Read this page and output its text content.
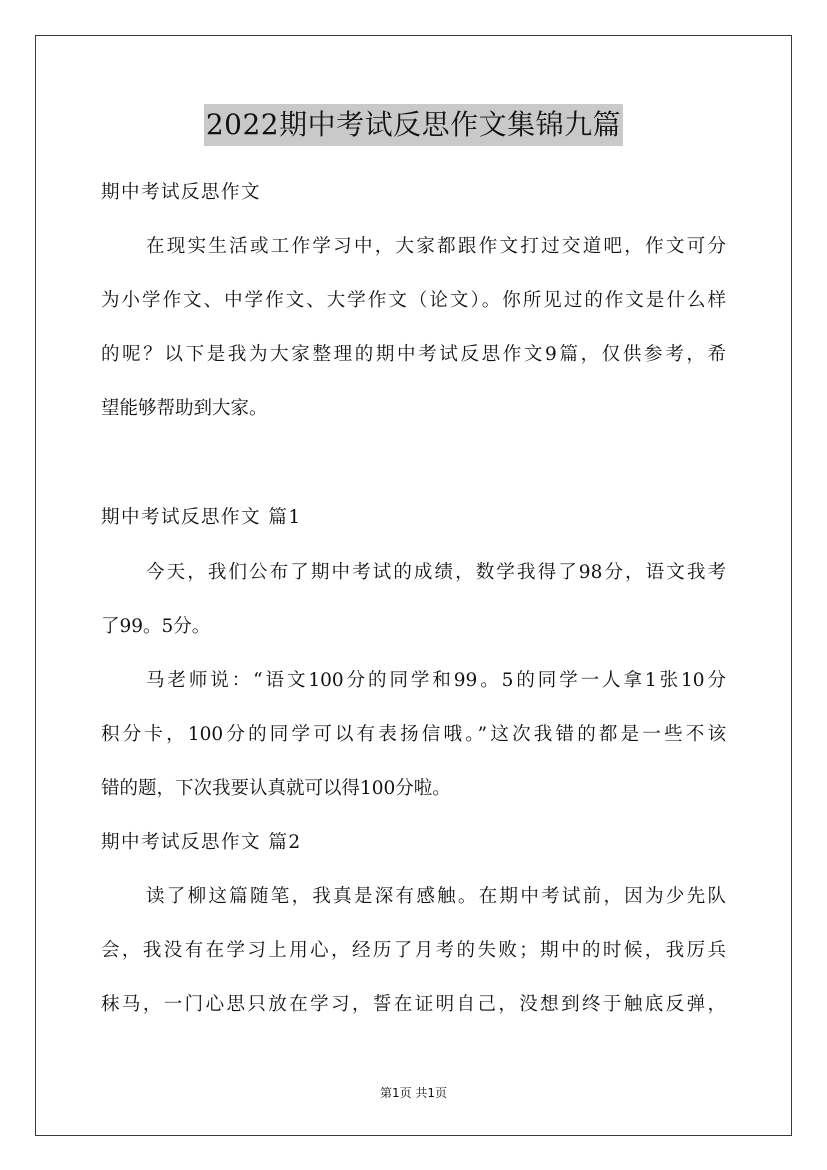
2022期中考试反思作文集锦九篇
期中考试反思作文
在现实生活或工作学习中，大家都跟作文打过交道吧，作文可分
为小学作文、中学作文、大学作文（论文）。你所见过的作文是什么样
的呢？以下是我为大家整理的期中考试反思作文9篇，仅供参考，希
望能够帮助到大家。
期中考试反思作文 篇1
今天，我们公布了期中考试的成绩，数学我得了98分，语文我考
了99。5分。
马老师说：“语文100分的同学和99。5的同学一人拿1张10分
积分卡，100分的同学可以有表扬信哦。”这次我错的都是一些不该
错的题，下次我要认真就可以得100分啦。
期中考试反思作文 篇2
读了柳这篇随笔，我真是深有感触。在期中考试前，因为少先队
会，我没有在学习上用心，经历了月考的失败；期中的时候，我厉兵
秣马，一门心思只放在学习，誓在证明自己，没想到终于触底反弹，
第1页 共1页
